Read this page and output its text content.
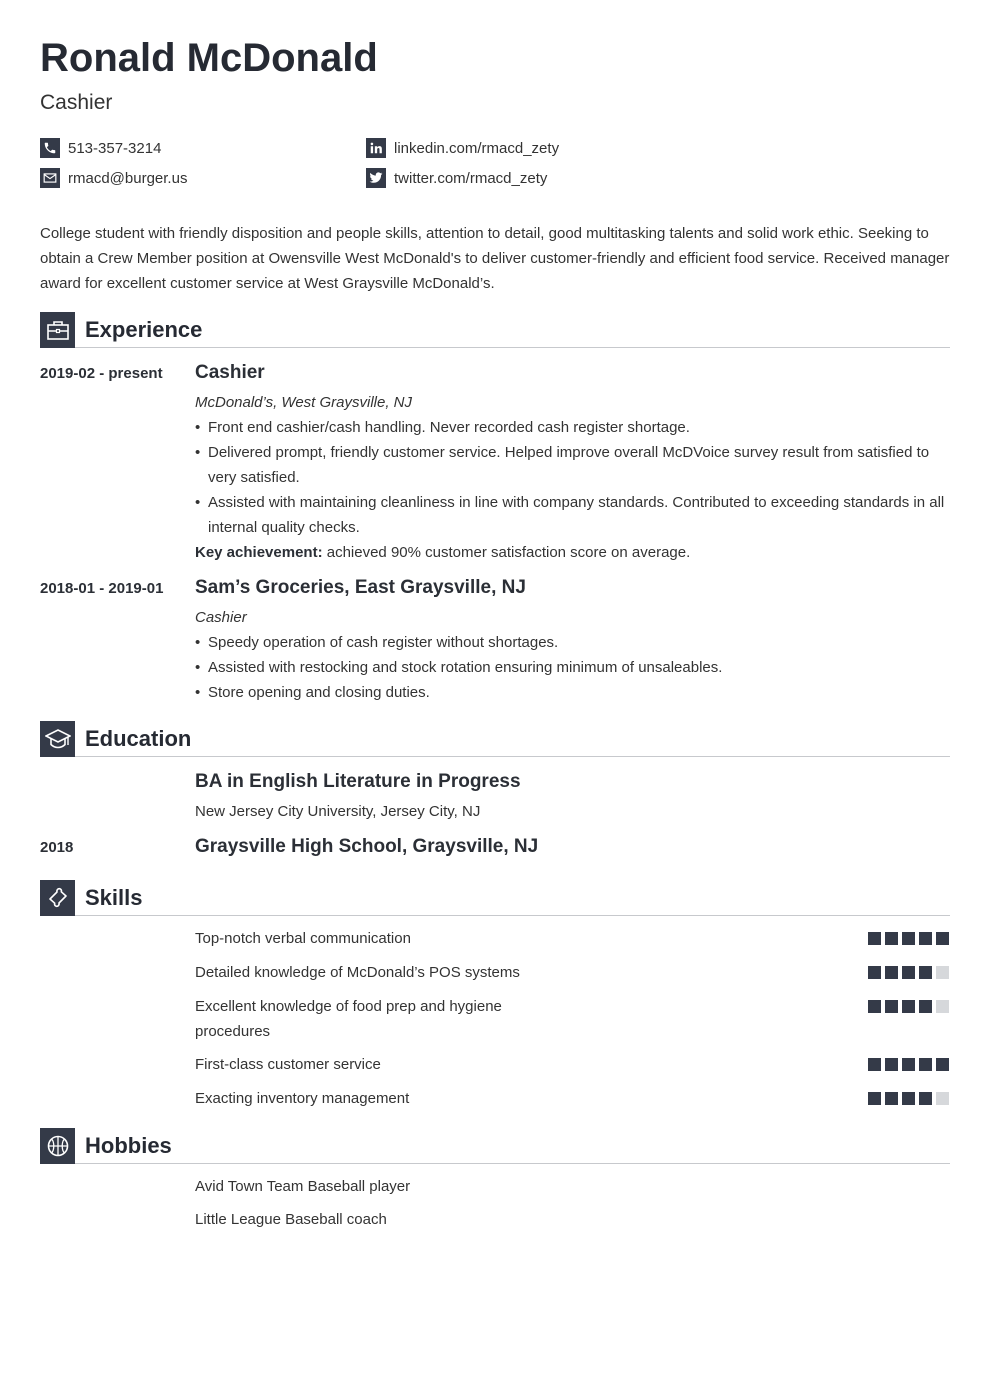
Ronald McDonald
Cashier
513-357-3214
rmacd@burger.us
linkedin.com/rmacd_zety
twitter.com/rmacd_zety

College student with friendly disposition and people skills, attention to detail, good multitasking talents and solid work ethic. Seeking to obtain a Crew Member position at Owensville West McDonald's to deliver customer-friendly and efficient food service. Received manager award for excellent customer service at West Graysville McDonald’s.

Experience
2019-02 - present Cashier
McDonald’s, West Graysville, NJ
• Front end cashier/cash handling. Never recorded cash register shortage.
• Delivered prompt, friendly customer service. Helped improve overall McDVoice survey result from satisfied to very satisfied.
• Assisted with maintaining cleanliness in line with company standards. Contributed to exceeding standards in all internal quality checks.
Key achievement: achieved 90% customer satisfaction score on average.
2018-01 - 2019-01 Sam’s Groceries, East Graysville, NJ
Cashier
• Speedy operation of cash register without shortages.
• Assisted with restocking and stock rotation ensuring minimum of unsaleables.
• Store opening and closing duties.
Education
BA in English Literature in Progress
New Jersey City University, Jersey City, NJ
2018	Graysville High School, Graysville, NJ
Skills
Top-notch verbal communication
Detailed knowledge of McDonald’s POS systems
Excellent knowledge of food prep and hygiene procedures
First-class customer service
Exacting inventory management
Hobbies
Avid Town Team Baseball player
Little League Baseball coach
